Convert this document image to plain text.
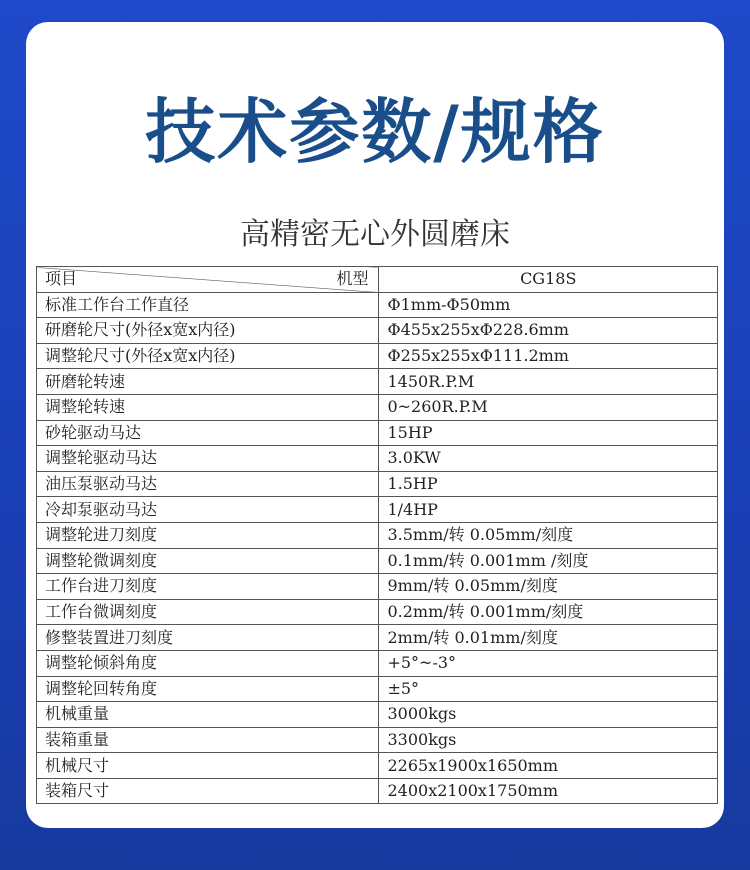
技术参数/规格
高精密无心外圆磨床
项目 机型	CG18S
标准工作台工作直径	Φ1mm-Φ50mm
研磨轮尺寸(外径x宽x内径)	Φ455x255xΦ228.6mm
调整轮尺寸(外径x宽x内径)	Φ255x255xΦ111.2mm
研磨轮转速	1450R.P.M
调整轮转速	0~260R.P.M
砂轮驱动马达	15HP
调整轮驱动马达	3.0KW
油压泵驱动马达	1.5HP
冷却泵驱动马达	1/4HP
调整轮进刀刻度	3.5mm/转 0.05mm/刻度
调整轮微调刻度	0.1mm/转 0.001mm /刻度
工作台进刀刻度	9mm/转 0.05mm/刻度
工作台微调刻度	0.2mm/转 0.001mm/刻度
修整装置进刀刻度	2mm/转 0.01mm/刻度
调整轮倾斜角度	+5°~-3°
调整轮回转角度	±5°
机械重量	3000kgs
装箱重量	3300kgs
机械尺寸	2265x1900x1650mm
装箱尺寸	2400x2100x1750mm
